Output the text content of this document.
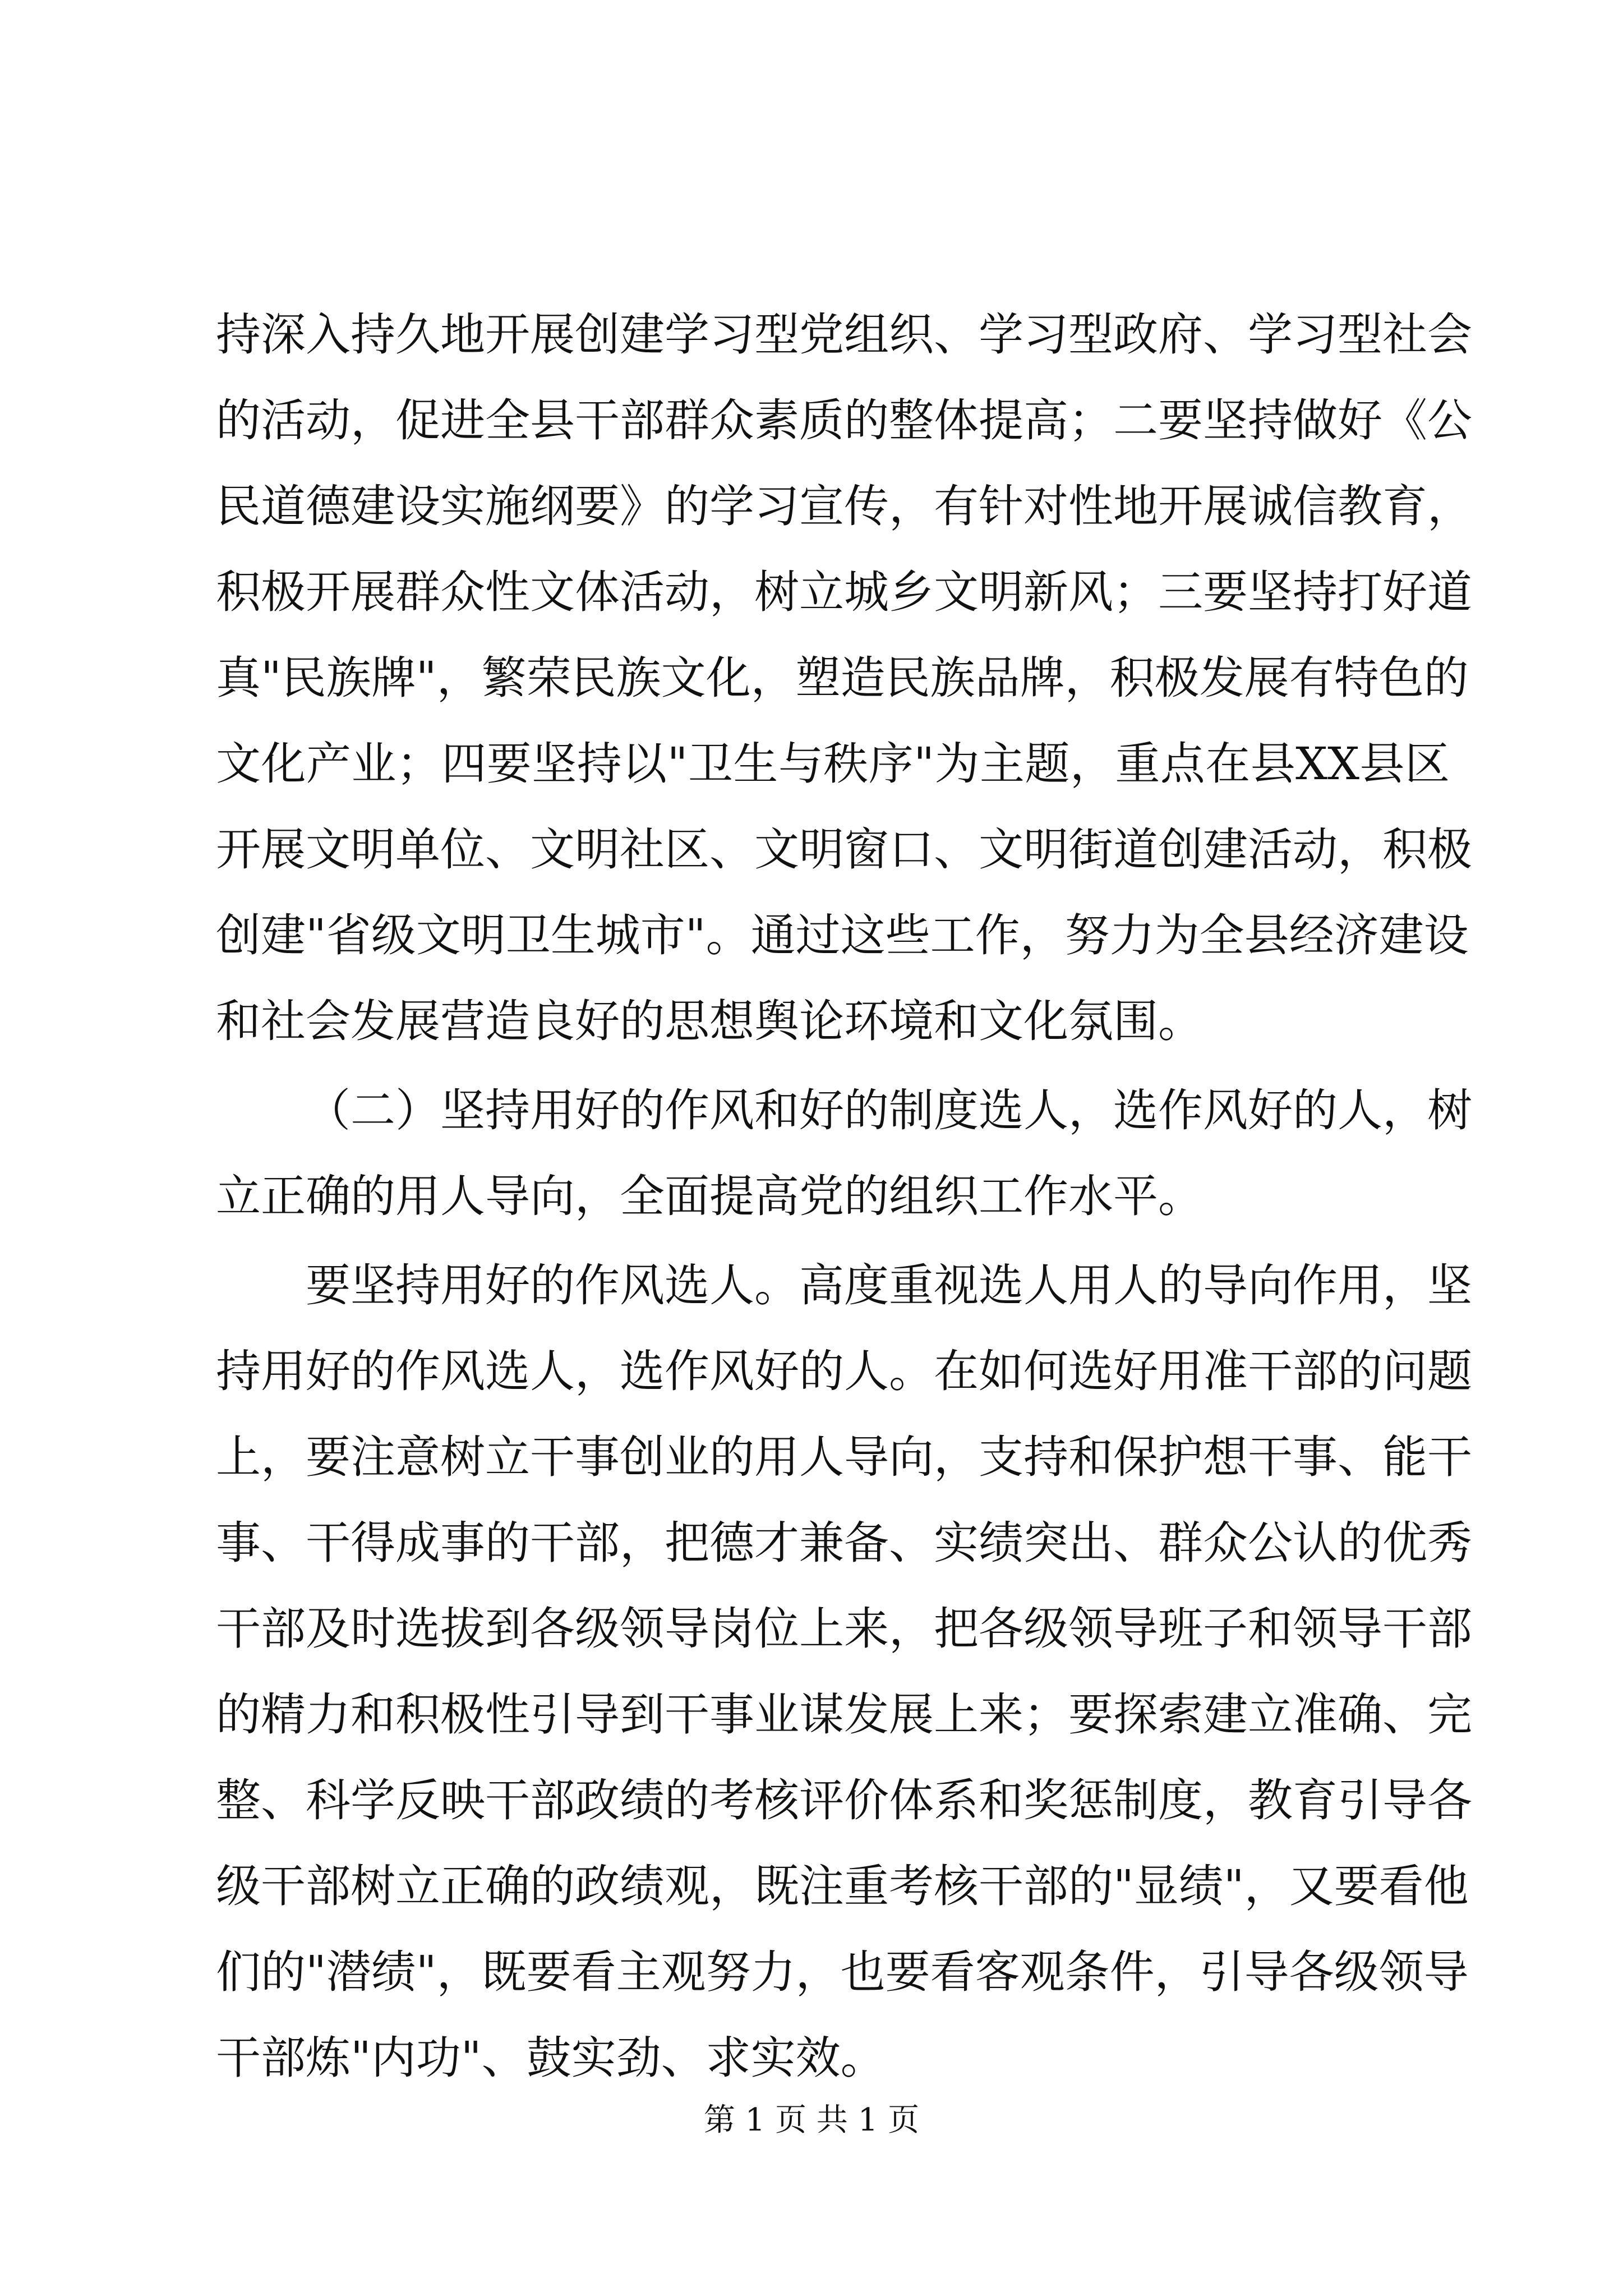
持深入持久地开展创建学习型党组织、学习型政府、学习型社会
的活动，促进全县干部群众素质的整体提高；二要坚持做好《公
民道德建设实施纲要》的学习宣传，有针对性地开展诚信教育，
积极开展群众性文体活动，树立城乡文明新风；三要坚持打好道
真"民族牌"，繁荣民族文化，塑造民族品牌，积极发展有特色的
文化产业；四要坚持以"卫生与秩序"为主题，重点在县XX县区
开展文明单位、文明社区、文明窗口、文明街道创建活动，积极
创建"省级文明卫生城市"。通过这些工作，努力为全县经济建设
和社会发展营造良好的思想舆论环境和文化氛围。
（二）坚持用好的作风和好的制度选人，选作风好的人，树
立正确的用人导向，全面提高党的组织工作水平。
要坚持用好的作风选人。高度重视选人用人的导向作用，坚
持用好的作风选人，选作风好的人。在如何选好用准干部的问题
上，要注意树立干事创业的用人导向，支持和保护想干事、能干
事、干得成事的干部，把德才兼备、实绩突出、群众公认的优秀
干部及时选拔到各级领导岗位上来，把各级领导班子和领导干部
的精力和积极性引导到干事业谋发展上来；要探索建立准确、完
整、科学反映干部政绩的考核评价体系和奖惩制度，教育引导各
级干部树立正确的政绩观，既注重考核干部的"显绩"，又要看他
们的"潜绩"，既要看主观努力，也要看客观条件，引导各级领导
干部炼"内功"、鼓实劲、求实效。
第 1 页 共 1 页
